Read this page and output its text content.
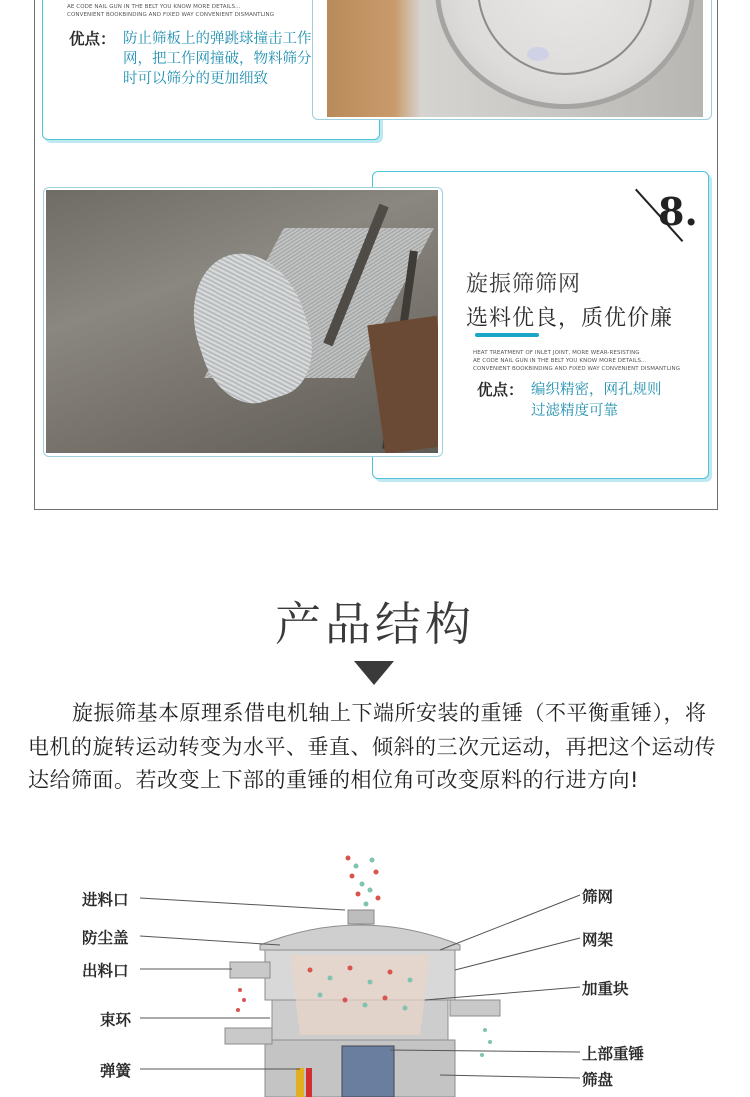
AE CODE NAIL GUN IN THE BELT YOU KNOW MORE DETAILS...
CONVENIENT BOOKBINDING AND FIXED WAY CONVENIENT DISMANTLING
优点： 防止筛板上的弹跳球撞击工作网，把工作网撞破，物料筛分时可以筛分的更加细致
8.
旋振筛筛网
选料优良，质优价廉
HEAT TREATMENT OF INLET JOINT, MORE WEAR-RESISTING
AE CODE NAIL GUN IN THE BELT YOU KNOW MORE DETAILS...
CONVENIENT BOOKBINDING AND FIXED WAY CONVENIENT DISMANTLING
优点： 编织精密，网孔规则
过滤精度可靠
产品结构
旋振筛基本原理系借电机轴上下端所安装的重锤（不平衡重锤），将电机的旋转运动转变为水平、垂直、倾斜的三次元运动，再把这个运动传达给筛面。若改变上下部的重锤的相位角可改变原料的行进方向!
进料口
防尘盖
出料口
束环
弹簧
筛网
网架
加重块
上部重锤
筛盘
